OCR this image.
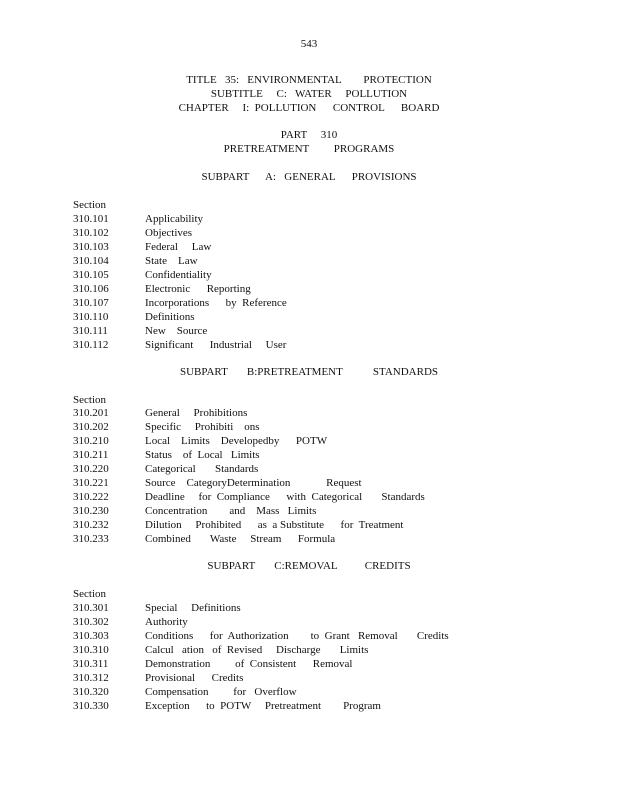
543
TITLE   35:   ENVIRONMENTAL        PROTECTION
SUBTITLE     C:   WATER     POLLUTION
CHAPTER     I:  POLLUTION      CONTROL      BOARD
PART     310
PRETREATMENT         PROGRAMS
SUBPART      A:   GENERAL      PROVISIONS
Section
310.101	Applicability
310.102	Objectives
310.103	Federal     Law
310.104	State    Law
310.105	Confidentiality
310.106	Electronic      Reporting
310.107	Incorporations      by  Reference
310.110	Definitions
310.111	New    Source
310.112	Significant      Industrial     User
SUBPART       B:PRETREATMENT           STANDARDS
Section
310.201	General     Prohibitions
310.202	Specific     Prohibiti    ons
310.210	Local    Limits    Developedby      POTW
310.211	Status    of  Local   Limits
310.220	Categorical       Standards
310.221	Source    CategoryDetermination             Request
310.222	Deadline     for  Compliance      with  Categorical       Standards
310.230	Concentration        and    Mass   Limits
310.232	Dilution     Prohibited      as  a Substitute      for  Treatment
310.233	Combined       Waste     Stream      Formula
SUBPART       C:REMOVAL          CREDITS
Section
310.301	Special     Definitions
310.302	Authority
310.303	Conditions      for  Authorization        to  Grant   Removal       Credits
310.310	Calcul   ation   of  Revised     Discharge       Limits
310.311	Demonstration         of  Consistent      Removal
310.312	Provisional      Credits
310.320	Compensation         for   Overflow
310.330	Exception      to  POTW     Pretreatment        Program
